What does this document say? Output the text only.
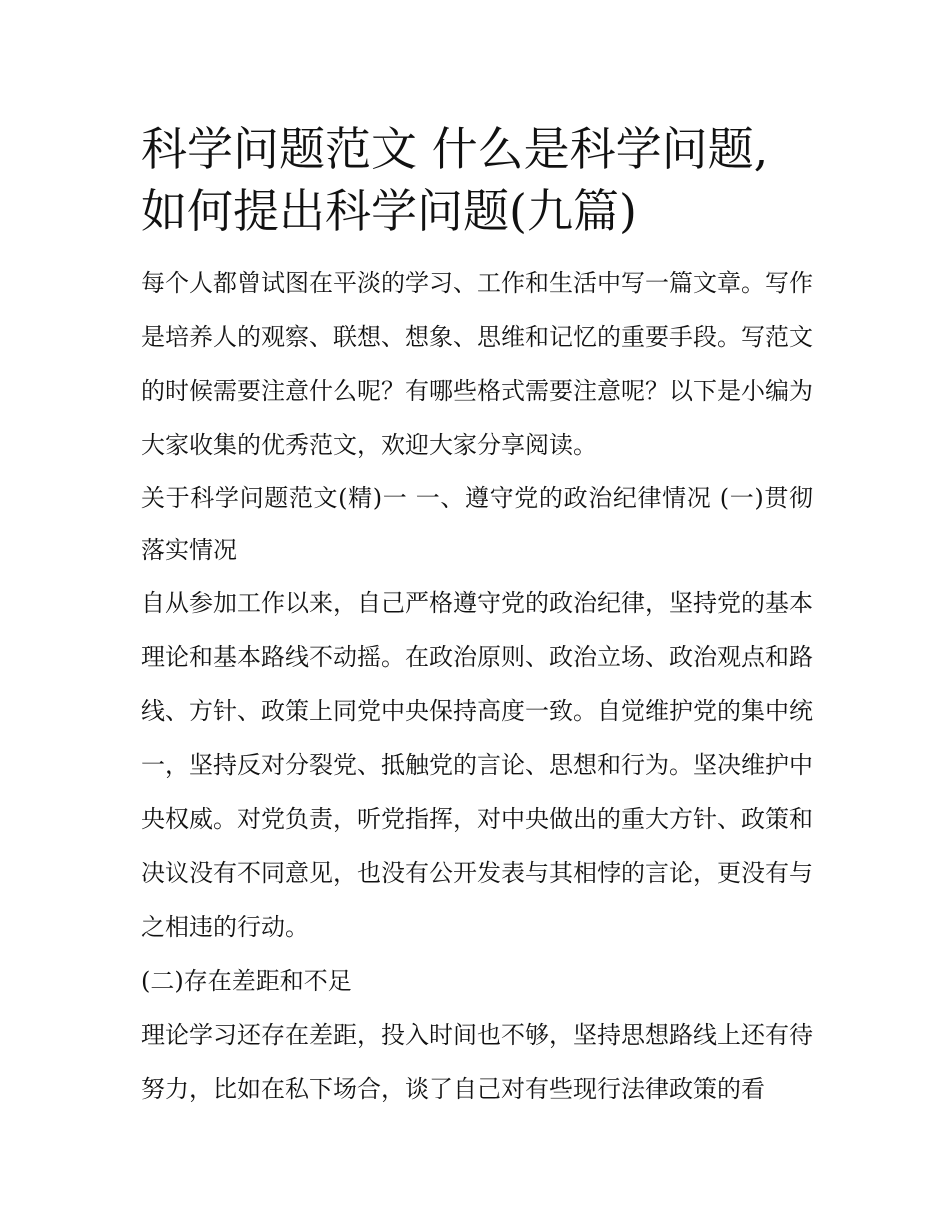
科学问题范文 什么是科学问题,如何提出科学问题(九篇)

每个人都曾试图在平淡的学习、工作和生活中写一篇文章。写作是培养人的观察、联想、想象、思维和记忆的重要手段。写范文的时候需要注意什么呢？有哪些格式需要注意呢？以下是小编为大家收集的优秀范文，欢迎大家分享阅读。

关于科学问题范文(精)一 一、遵守党的政治纪律情况 (一)贯彻落实情况

自从参加工作以来，自己严格遵守党的政治纪律，坚持党的基本理论和基本路线不动摇。在政治原则、政治立场、政治观点和路线、方针、政策上同党中央保持高度一致。自觉维护党的集中统一，坚持反对分裂党、抵触党的言论、思想和行为。坚决维护中央权威。对党负责，听党指挥，对中央做出的重大方针、政策和决议没有不同意见，也没有公开发表与其相悖的言论，更没有与之相违的行动。

(二)存在差距和不足

理论学习还存在差距，投入时间也不够，坚持思想路线上还有待努力，比如在私下场合，谈了自己对有些现行法律政策的看
